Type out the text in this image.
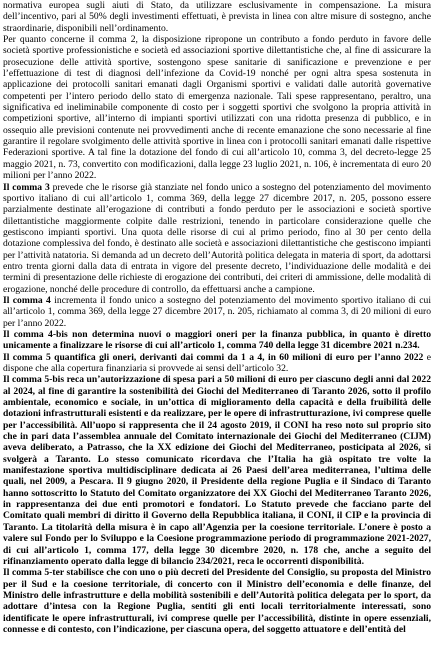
normativa europea sugli aiuti di Stato, da utilizzare esclusivamente in compensazione. La misura dell’incentivo, pari al 50% degli investimenti effettuati, è prevista in linea con altre misure di sostegno, anche straordinarie, disponibili nell’ordinamento.

Per quanto concerne il comma 2, la disposizione ripropone un contributo a fondo perduto in favore delle società sportive professionistiche e società ed associazioni sportive dilettantistiche che, al fine di assicurare la prosecuzione delle attività sportive, sostengono spese sanitarie di sanificazione e prevenzione e per l’effettuazione di test di diagnosi dell’infezione da Covid-19 nonché per ogni altra spesa sostenuta in applicazione dei protocolli sanitari emanati dagli Organismi sportivi e validati dalle autorità governative competenti per l’intero periodo dello stato di emergenza nazionale. Tali spese rappresentano, peraltro, una significativa ed ineliminabile componente di costo per i soggetti sportivi che svolgono la propria attività in competizioni sportive, all’interno di impianti sportivi utilizzati con una ridotta presenza di pubblico, e in ossequio alle previsioni contenute nei provvedimenti anche di recente emanazione che sono necessarie al fine garantire il regolare svolgimento delle attività sportive in linea con i protocolli sanitari emanati dalle rispettive Federazioni sportive. A tal fine la dotazione del fondo di cui all’articolo 10, comma 3, del decreto-legge 25 maggio 2021, n. 73, convertito con modificazioni, dalla legge 23 luglio 2021, n. 106, è incrementata di euro 20 milioni per l’anno 2022.

Il comma 3 prevede che le risorse già stanziate nel fondo unico a sostegno del potenziamento del movimento sportivo italiano di cui all’articolo 1, comma 369, della legge 27 dicembre 2017, n. 205, possono essere parzialmente destinate all’erogazione di contributi a fondo perduto per le associazioni e società sportive dilettantistiche maggiormente colpite dalle restrizioni, tenendo in particolare considerazione quelle che gestiscono impianti sportivi. Una quota delle risorse di cui al primo periodo, fino al 30 per cento della dotazione complessiva del fondo, è destinato alle società e associazioni dilettantistiche che gestiscono impianti per l’attività natatoria. Si demanda ad un decreto dell’Autorità politica delegata in materia di sport, da adottarsi entro trenta giorni dalla data di entrata in vigore del presente decreto, l’individuazione delle modalità e dei termini di presentazione delle richieste di erogazione dei contributi, dei criteri di ammissione, delle modalità di erogazione, nonché delle procedure di controllo, da effettuarsi anche a campione.

Il comma 4 incrementa il fondo unico a sostegno del potenziamento del movimento sportivo italiano di cui all’articolo 1, comma 369, della legge 27 dicembre 2017, n. 205, richiamato al comma 3, di 20 milioni di euro per l’anno 2022.

Il comma 4-bis non determina nuovi o maggiori oneri per la finanza pubblica, in quanto è diretto unicamente a finalizzare le risorse di cui all’articolo 1, comma 740 della legge 31 dicembre 2021 n.234.

Il comma 5 quantifica gli oneri, derivanti dai commi da 1 a 4, in 60 milioni di euro per l’anno 2022 e dispone che alla copertura finanziaria si provvede ai sensi dell’articolo 32.

Il comma 5-bis reca un’autorizzazione di spesa pari a 50 milioni di euro per ciascuno degli anni dal 2022 al 2024, al fine di garantire la sostenibilità dei Giochi del Mediterraneo di Taranto 2026, sotto il profilo ambientale, economico e sociale, in un’ottica di miglioramento della capacità e della fruibilità delle dotazioni infrastrutturali esistenti e da realizzare, per le opere di infrastrutturazione, ivi comprese quelle per l’accessibilità. All’uopo si rappresenta che il 24 agosto 2019, il CONI ha reso noto sul proprio sito che in pari data l’assemblea annuale del Comitato internazionale dei Giochi del Mediterraneo (CIJM) aveva deliberato, a Patrasso, che la XX edizione dei Giochi del Mediterraneo, posticipata al 2026, si svolgerà a Taranto. Lo stesso comunicato ricordava che l’Italia ha già ospitato tre volte la manifestazione sportiva multidisciplinare dedicata ai 26 Paesi dell’area mediterranea, l’ultima delle quali, nel 2009, a Pescara. Il 9 giugno 2020, il Presidente della regione Puglia e il Sindaco di Taranto hanno sottoscritto lo Statuto del Comitato organizzatore dei XX Giochi del Mediterraneo Taranto 2026, in rappresentanza dei due enti promotori e fondatori. Lo Statuto prevede che facciano parte del Comitato quali membri di diritto il Governo della Repubblica italiana, il CONI, il CIP e la provincia di Taranto. La titolarità della misura è in capo all’Agenzia per la coesione territoriale. L’onere è posto a valere sul Fondo per lo Sviluppo e la Coesione programmazione periodo di programmazione 2021-2027, di cui all’articolo 1, comma 177, della legge 30 dicembre 2020, n. 178 che, anche a seguito del rifinanziamento operato dalla legge di bilancio 234/2021, reca le occorrenti disponibilità.

Il comma 5-ter stabilisce che con uno o più decreti del Presidente del Consiglio, su proposta del Ministro per il Sud e la coesione territoriale, di concerto con il Ministro dell’economia e delle finanze, del Ministro delle infrastrutture e della mobilità sostenibili e dell’Autorità politica delegata per lo sport, da adottare d’intesa con la Regione Puglia, sentiti gli enti locali territorialmente interessati, sono identificate le opere infrastrutturali, ivi comprese quelle per l’accessibilità, distinte in opere essenziali, connesse e di contesto, con l’indicazione, per ciascuna opera, del soggetto attuatore e dell’entità del
